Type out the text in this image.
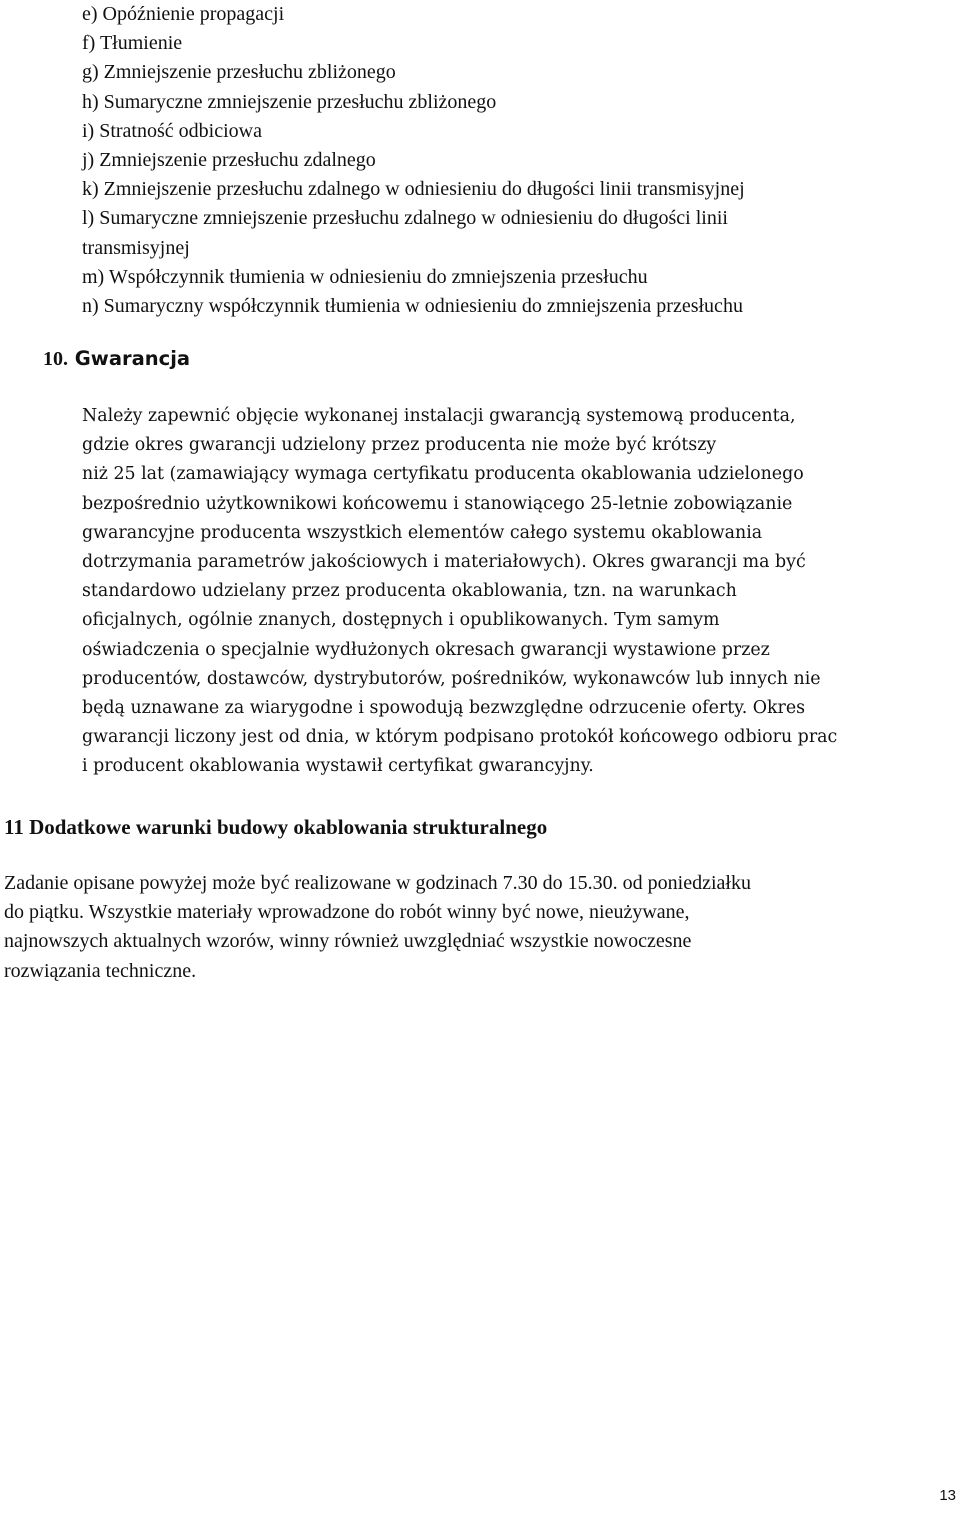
e) Opóźnienie propagacji
f) Tłumienie
g) Zmniejszenie przesłuchu zbliżonego
h) Sumaryczne zmniejszenie przesłuchu zbliżonego
i) Stratność odbiciowa
j) Zmniejszenie przesłuchu zdalnego
k) Zmniejszenie przesłuchu zdalnego w odniesieniu do długości linii transmisyjnej
l) Sumaryczne zmniejszenie przesłuchu zdalnego w odniesieniu do długości linii
transmisyjnej
m) Współczynnik tłumienia w odniesieniu do zmniejszenia przesłuchu
n) Sumaryczny współczynnik tłumienia w odniesieniu do zmniejszenia przesłuchu
10. Gwarancja
Należy zapewnić objęcie wykonanej instalacji gwarancją systemową producenta,
gdzie okres gwarancji udzielony przez producenta nie może być krótszy
niż 25 lat (zamawiający wymaga certyfikatu producenta okablowania udzielonego
bezpośrednio użytkownikowi końcowemu i stanowiącego 25-letnie zobowiązanie
gwarancyjne producenta wszystkich elementów całego systemu okablowania
dotrzymania parametrów jakościowych i materiałowych). Okres gwarancji ma być
standardowo udzielany przez producenta okablowania, tzn. na warunkach
oficjalnych, ogólnie znanych, dostępnych i opublikowanych. Tym samym
oświadczenia o specjalnie wydłużonych okresach gwarancji wystawione przez
producentów, dostawców, dystrybutorów, pośredników, wykonawców lub innych nie
będą uznawane za wiarygodne i spowodują bezwzględne odrzucenie oferty. Okres
gwarancji liczony jest od dnia, w którym podpisano protokół końcowego odbioru prac
i producent okablowania wystawił certyfikat gwarancyjny.
11 Dodatkowe warunki budowy okablowania strukturalnego
Zadanie opisane powyżej może być realizowane w godzinach 7.30 do 15.30. od poniedziałku
do piątku. Wszystkie materiały wprowadzone do robót winny być nowe, nieużywane,
najnowszych aktualnych wzorów, winny również uwzględniać wszystkie nowoczesne
rozwiązania techniczne.
13
